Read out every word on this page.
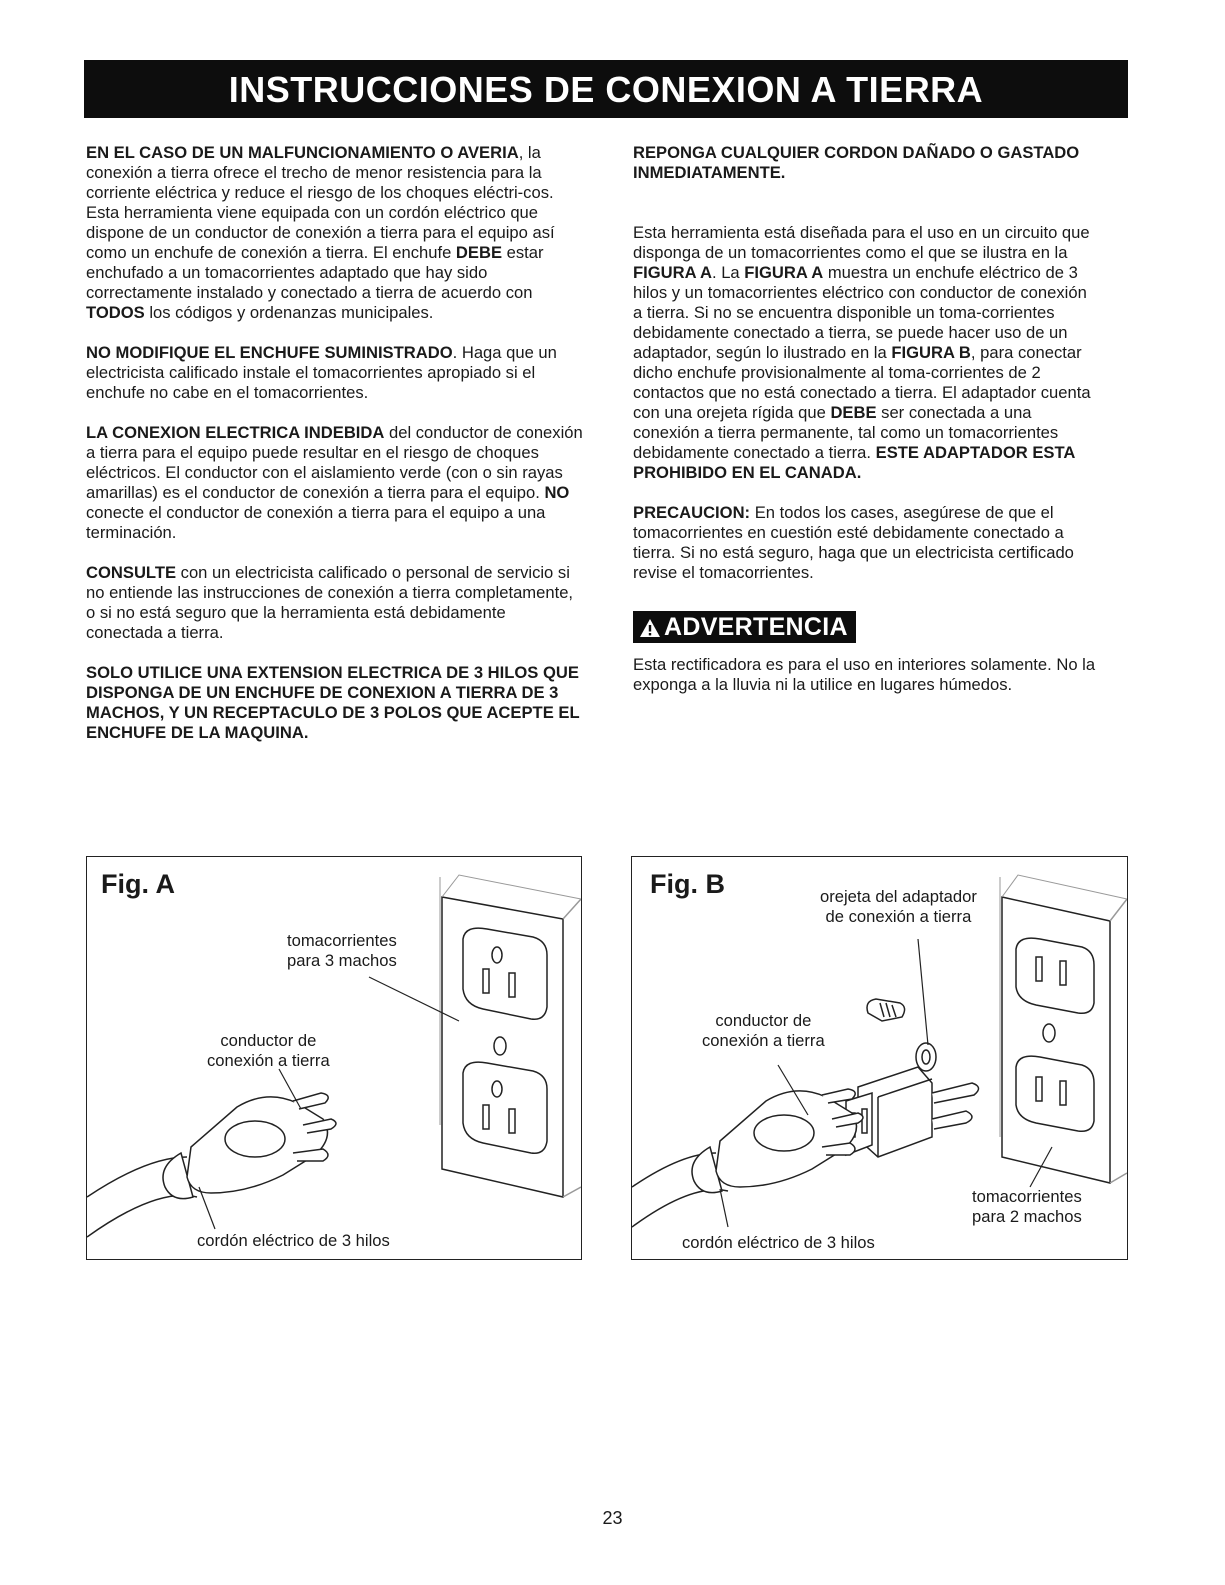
INSTRUCCIONES DE CONEXION A TIERRA

EN EL CASO DE UN MALFUNCIONAMIENTO O AVERIA, la conexión a tierra ofrece el trecho de menor resistencia para la corriente eléctrica y reduce el riesgo de los choques eléctri-cos. Esta herramienta viene equipada con un cordón eléctrico que dispone de un conductor de conexión a tierra para el equipo así como un enchufe de conexión a tierra. El enchufe DEBE estar enchufado a un tomacorrientes adaptado que hay sido correctamente instalado y conectado a tierra de acuerdo con TODOS los códigos y ordenanzas municipales.

NO MODIFIQUE EL ENCHUFE SUMINISTRADO. Haga que un electricista calificado instale el tomacorrientes apropiado si el enchufe no cabe en el tomacorrientes.

LA CONEXION ELECTRICA INDEBIDA del conductor de conexión a tierra para el equipo puede resultar en el riesgo de choques eléctricos. El conductor con el aislamiento verde (con o sin rayas amarillas) es el conductor de conexión a tierra para el equipo. NO conecte el conductor de conexión a tierra para el equipo a una terminación.

CONSULTE con un electricista calificado o personal de servicio si no entiende las instrucciones de conexión a tierra completamente, o si no está seguro que la herramienta está debidamente conectada a tierra.

SOLO UTILICE UNA EXTENSION ELECTRICA DE 3 HILOS QUE DISPONGA DE UN ENCHUFE DE CONEXION A TIERRA DE 3 MACHOS, Y UN RECEPTACULO DE 3 POLOS QUE ACEPTE EL ENCHUFE DE LA MAQUINA.

REPONGA CUALQUIER CORDON DAÑADO O GASTADO INMEDIATAMENTE.

Esta herramienta está diseñada para el uso en un circuito que disponga de un tomacorrientes como el que se ilustra en la FIGURA A. La FIGURA A muestra un enchufe eléctrico de 3 hilos y un tomacorrientes eléctrico con conductor de conexión a tierra. Si no se encuentra disponible un toma-corrientes debidamente conectado a tierra, se puede hacer uso de un adaptador, según lo ilustrado en la FIGURA B, para conectar dicho enchufe provisionalmente al toma-corrientes de 2 contactos que no está conectado a tierra. El adaptador cuenta con una orejeta rígida que DEBE ser conectada a una conexión a tierra permanente, tal como un tomacorrientes debidamente conectado a tierra. ESTE ADAPTADOR ESTA PROHIBIDO EN EL CANADA.

PRECAUCION: En todos los cases, asegúrese de que el tomacorrientes en cuestión esté debidamente conectado a tierra. Si no está seguro, haga que un electricista certificado revise el tomacorrientes.

ADVERTENCIA

Esta rectificadora es para el uso en interiores solamente. No la exponga a la lluvia ni la utilice en lugares húmedos.

Fig. A
tomacorrientes
para 3 machos
conductor de
conexión a tierra
cordón eléctrico de 3 hilos
Fig. B	orejeta del adaptador
de conexión a tierra
conductor de
conexión a tierra
tomacorrientes
para 2 machos
cordón eléctrico de 3 hilos
23
